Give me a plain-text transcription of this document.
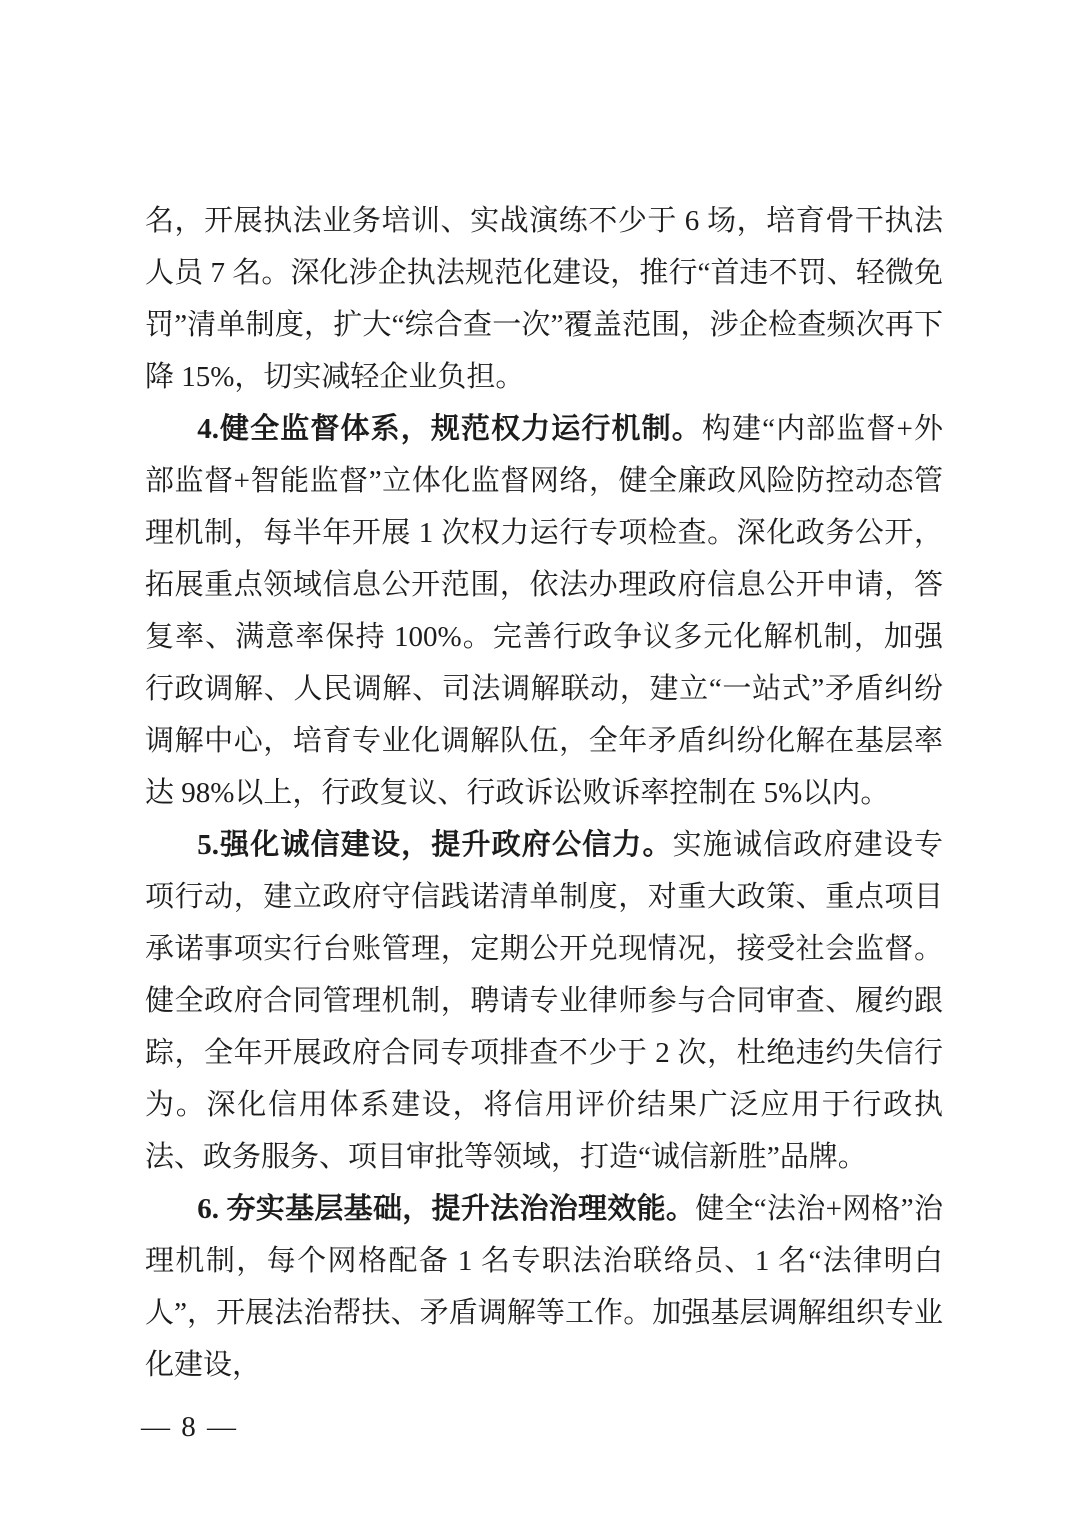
名，开展执法业务培训、实战演练不少于 6 场，培育骨干执法人员 7 名。深化涉企执法规范化建设，推行“首违不罚、轻微免罚”清单制度，扩大“综合查一次”覆盖范围，涉企检查频次再下降 15%，切实减轻企业负担。

4.健全监督体系，规范权力运行机制。构建“内部监督+外部监督+智能监督”立体化监督网络，健全廉政风险防控动态管理机制，每半年开展 1 次权力运行专项检查。深化政务公开，拓展重点领域信息公开范围，依法办理政府信息公开申请，答复率、满意率保持 100%。完善行政争议多元化解机制，加强行政调解、人民调解、司法调解联动，建立“一站式”矛盾纠纷调解中心，培育专业化调解队伍，全年矛盾纠纷化解在基层率达 98%以上，行政复议、行政诉讼败诉率控制在 5%以内。

5.强化诚信建设，提升政府公信力。实施诚信政府建设专项行动，建立政府守信践诺清单制度，对重大政策、重点项目承诺事项实行台账管理，定期公开兑现情况，接受社会监督。健全政府合同管理机制，聘请专业律师参与合同审查、履约跟踪，全年开展政府合同专项排查不少于 2 次，杜绝违约失信行为。深化信用体系建设，将信用评价结果广泛应用于行政执法、政务服务、项目审批等领域，打造“诚信新胜”品牌。

6. 夯实基层基础，提升法治治理效能。健全“法治+网格”治理机制，每个网格配备 1 名专职法治联络员、1 名“法律明白人”，开展法治帮扶、矛盾调解等工作。加强基层调解组织专业化建设，

— 8 —
